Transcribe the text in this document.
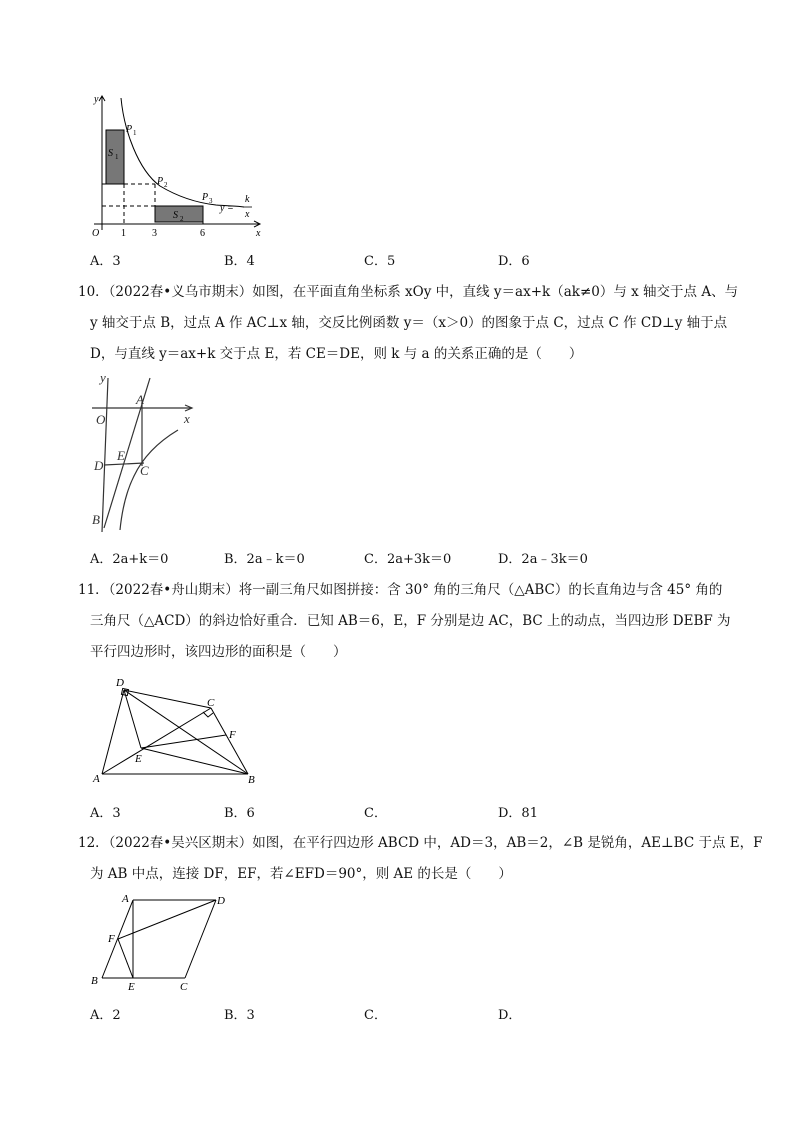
y
x
O
P 1
P 2
P 3
S 1
S 2
y =
k
x
1	3	6
A．3	B．4	C．5	D．6
10．（2022春•义乌市期末）如图，在平面直角坐标系 xOy 中，直线 y＝ax+k（ak≠0）与 x 轴交于点 A、与
y 轴交于点 B，过点 A 作 AC⊥x 轴，交反比例函数 y＝（x＞0）的图象于点 C，过点 C 作 CD⊥y 轴于点
D，与直线 y＝ax+k 交于点 E，若 CE＝DE，则 k 与 a 的关系正确的是（　　）
y
x
O
A
D
E
C
B
A．2a+k＝0	B．2a﹣k＝0	C．2a+3k＝0	D．2a﹣3k＝0
11．（2022春•舟山期末）将一副三角尺如图拼接：含 30° 角的三角尺（△ABC）的长直角边与含 45° 角的
三角尺（△ACD）的斜边恰好重合．已知 AB＝6，E，F 分别是边 AC，BC 上的动点，当四边形 DEBF 为
平行四边形时，该四边形的面积是（　　）
D
C
F
E
A	B
A．3	B．6	C．	D．81
12．（2022春•吴兴区期末）如图，在平行四边形 ABCD 中，AD＝3，AB＝2，∠B 是锐角，AE⊥BC 于点 E，F
为 AB 中点，连接 DF，EF，若∠EFD＝90°，则 AE 的长是（　　）
A	D
F
B	E	C
A．2	B．3	C．	D．
